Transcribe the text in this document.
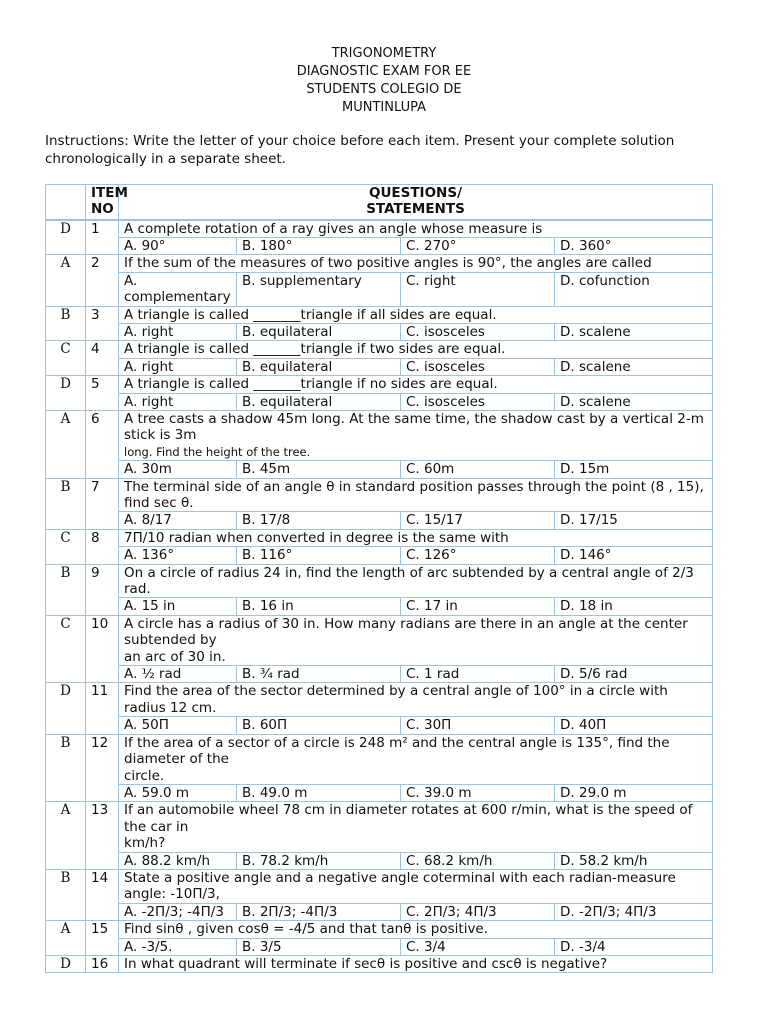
TRIGONOMETRY
DIAGNOSTIC EXAM FOR EE
STUDENTS COLEGIO DE
MUNTINLUPA
Instructions: Write the letter of your choice before each item. Present your complete solution chronologically in a separate sheet.
	ITEM
NO	QUESTIONS/
STATEMENTS			
D	1	A complete rotation of a ray gives an angle whose measure is			
		A. 90°	B. 180°	C. 270°	D. 360°
A	2	If the sum of the measures of two positive angles is 90°, the angles are called			
		A. complementary	B. supplementary	C. right	D. cofunction
B	3	A triangle is called _______triangle if all sides are equal.			
		A. right	B. equilateral	C. isosceles	D. scalene
C	4	A triangle is called _______triangle if two sides are equal.			
		A. right	B. equilateral	C. isosceles	D. scalene
D	5	A triangle is called _______triangle if no sides are equal.			
		A. right	B. equilateral	C. isosceles	D. scalene
A	6	A tree casts a shadow 45m long. At the same time, the shadow cast by a vertical 2-m stick is 3m
long. Find the height of the tree.			
		A. 30m	B. 45m	C. 60m	D. 15m
B	7	The terminal side of an angle θ in standard position passes through the point (8 , 15), find sec θ.			
		A. 8/17	B. 17/8	C. 15/17	D. 17/15
C	8	7Π/10 radian when converted in degree is the same with			
		A. 136°	B. 116°	C. 126°	D. 146°
B	9	On a circle of radius 24 in, find the length of arc subtended by a central angle of 2/3 rad.			
		A. 15 in	B. 16 in	C. 17 in	D. 18 in
C	10	A circle has a radius of 30 in. How many radians are there in an angle at the center subtended by
an arc of 30 in.			
		A. ½ rad	B. ¾ rad	C. 1 rad	D. 5/6 rad
D	11	Find the area of the sector determined by a central angle of 100° in a circle with radius 12 cm.			
		A. 50Π	B. 60Π	C. 30Π	D. 40Π
B	12	If the area of a sector of a circle is 248 m² and the central angle is 135°, find the diameter of the
circle.			
		A. 59.0 m	B. 49.0 m	C. 39.0 m	D. 29.0 m
A	13	If an automobile wheel 78 cm in diameter rotates at 600 r/min, what is the speed of the car in
km/h?			
		A. 88.2 km/h	B. 78.2 km/h	C. 68.2 km/h	D. 58.2 km/h
B	14	State a positive angle and a negative angle coterminal with each radian-measure angle: -10Π/3,			
		A. -2Π/3; -4Π/3	B. 2Π/3; -4Π/3	C. 2Π/3; 4Π/3	D. -2Π/3; 4Π/3
A	15	Find sinθ , given cosθ = -4/5 and that tanθ is positive.			
		A. -3/5.	B. 3/5	C. 3/4	D. -3/4
D	16	In what quadrant will terminate if secθ is positive and cscθ is negative?			
